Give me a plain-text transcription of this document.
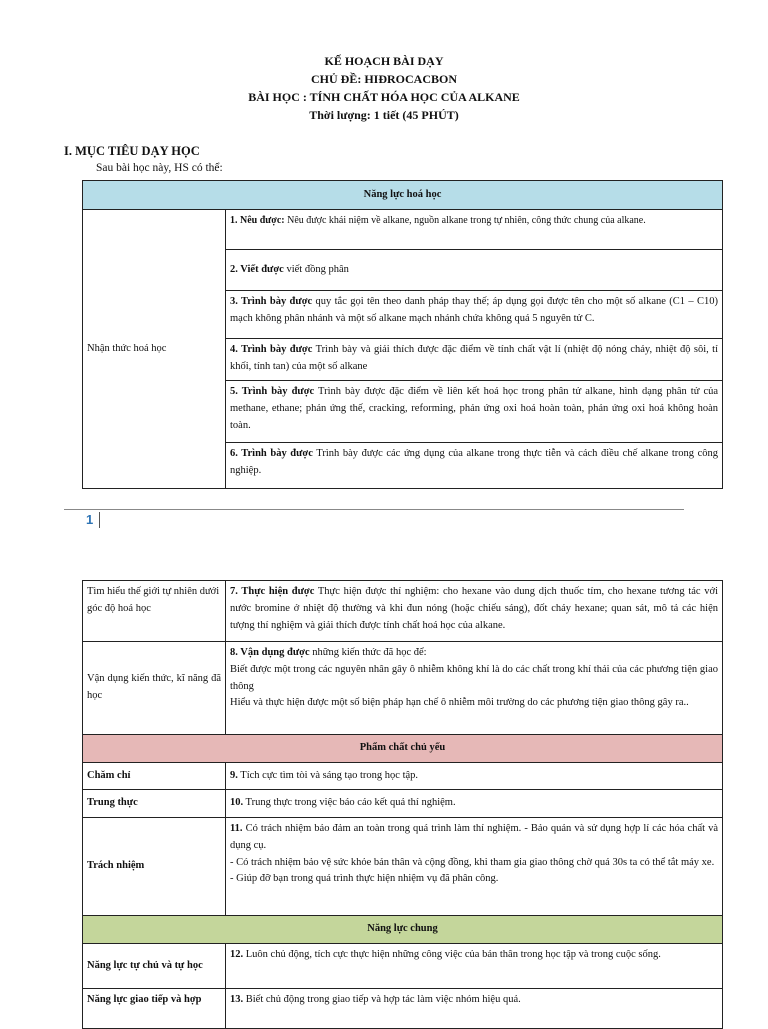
KẾ HOẠCH BÀI DẠY
CHỦ ĐỀ: HIĐROCACBON
BÀI HỌC : TÍNH CHẤT HÓA HỌC CỦA ALKANE
Thời lượng: 1 tiết (45 PHÚT)
I. MỤC TIÊU DẠY HỌC
Sau bài học này, HS có thể:
Năng lực hoá học
Nhận thức hoá học	1. Nêu được: Nêu được khái niệm về alkane, nguồn alkane trong tự nhiên, công thức chung của alkane.
2. Viết được viết đồng phân
3. Trình bày được quy tắc gọi tên theo danh pháp thay thế; áp dụng gọi được tên cho một số alkane (C1 – C10) mạch không phân nhánh và một số alkane mạch nhánh chứa không quá 5 nguyên tử C.
4. Trình bày được Trình bày và giải thích được đặc điểm về tính chất vật lí (nhiệt độ nóng chảy, nhiệt độ sôi, tỉ khối, tính tan) của một số alkane
5. Trình bày được Trình bày được đặc điểm về liên kết hoá học trong phân tử alkane, hình dạng phân tử của methane, ethane; phản ứng thế, cracking, reforming, phản ứng oxi hoá hoàn toàn, phản ứng oxi hoá không hoàn toàn.
6. Trình bày được Trình bày được các ứng dụng của alkane trong thực tiễn và cách điều chế alkane trong công nghiệp.
1
Tìm hiểu thế giới tự nhiên dưới góc độ hoá học	7. Thực hiện được Thực hiện được thí nghiệm: cho hexane vào dung dịch thuốc tím, cho hexane tương tác với nước bromine ở nhiệt độ thường và khi đun nóng (hoặc chiếu sáng), đốt cháy hexane; quan sát, mô tả các hiện tượng thí nghiệm và giải thích được tính chất hoá học của alkane.
Vận dụng kiến thức, kĩ năng đã học	8. Vận dụng được những kiến thức đã học để:
Biết được một trong các nguyên nhân gây ô nhiễm không khí là do các chất trong khí thải của các phương tiện giao thông
Hiểu và thực hiện được một số biện pháp hạn chế ô nhiễm môi trường do các phương tiện giao thông gây ra..

Phẩm chất chủ yếu	
Chăm chỉ	9. Tích cực tìm tòi và sáng tạo trong học tập.
Trung thực	10. Trung thực trong việc báo cáo kết quả thí nghiệm.
Trách nhiệm	11. Có trách nhiệm bảo đảm an toàn trong quá trình làm thí nghiệm. - Bảo quản và sử dụng hợp lí các hóa chất và dụng cụ.
- Có trách nhiệm bảo vệ sức khỏe bản thân và cộng đồng, khi tham gia giao thông chờ quá 30s ta có thể tắt máy xe.
- Giúp đỡ bạn trong quá trình thực hiện nhiệm vụ đã phân công.

Năng lực chung	
Năng lực tự chủ và tự học	12. Luôn chủ động, tích cực thực hiện những công việc của bản thân trong học tập và trong cuộc sống.
Năng lực giao tiếp và hợp	13. Biết chủ động trong giao tiếp và hợp tác làm việc nhóm hiệu quả.
